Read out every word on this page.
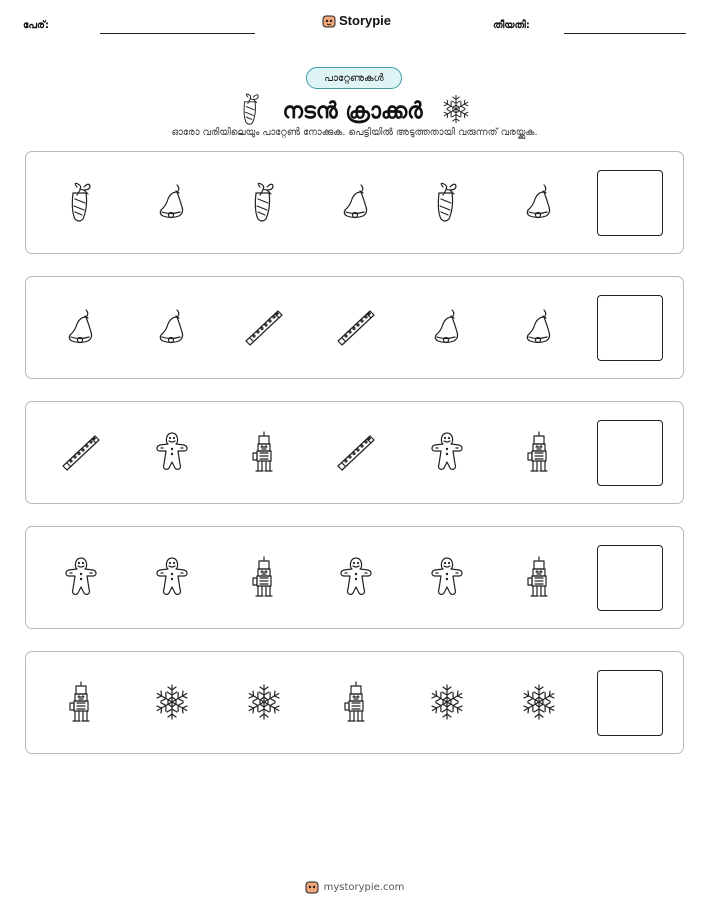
പേര്:	Storypie	തീയതി:
പാറ്റേണുകൾ
നടൻ ക്രാക്കർ
ഓരോ വരിയിലെയും പാറ്റേൺ നോക്കുക. പെട്ടിയിൽ അടുത്തതായി വരുന്നത് വരയ്ക്കുക.
mystorypie.com
